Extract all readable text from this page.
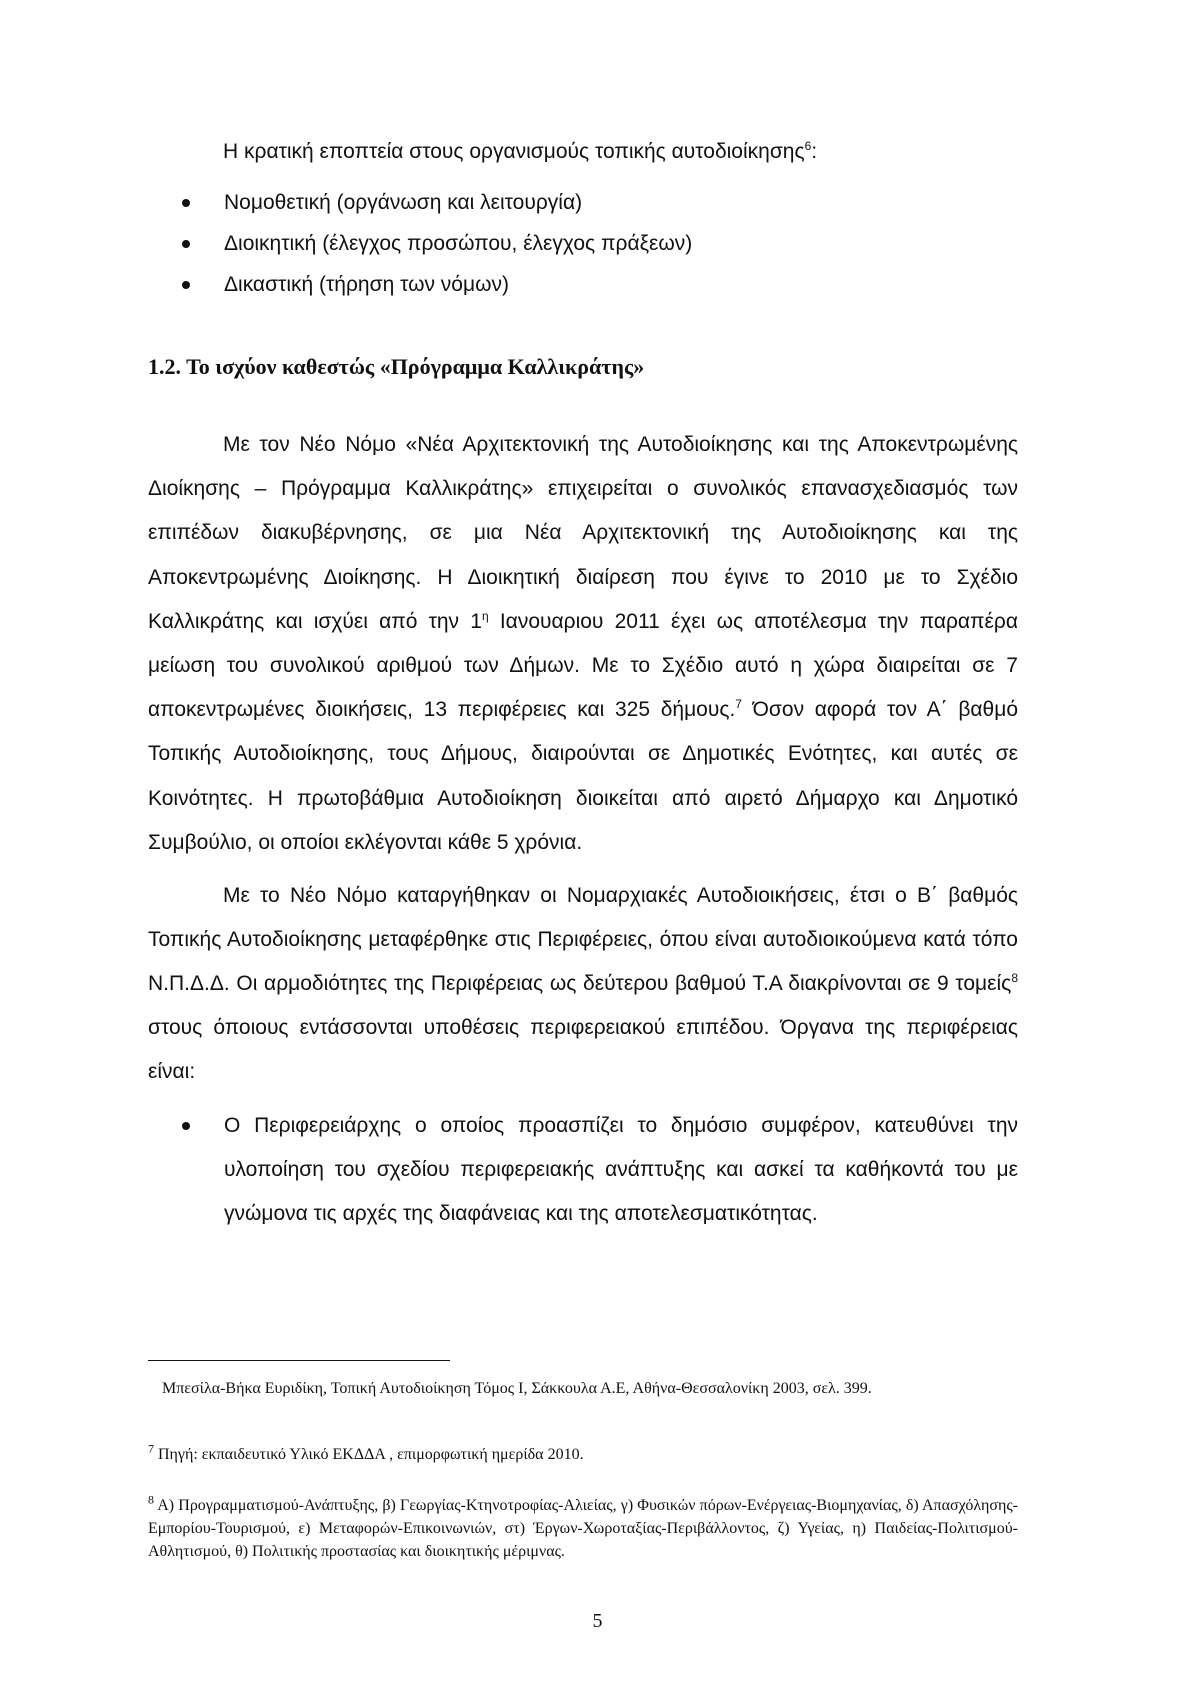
Η κρατική εποπτεία στους οργανισμούς τοπικής αυτοδιοίκησης$^6$:
Νομοθετική (οργάνωση και λειτουργία)
Διοικητική (έλεγχος προσώπου, έλεγχος πράξεων)
Δικαστική (τήρηση των νόμων)
1.2. Το ισχύον καθεστώς «Πρόγραμμα Καλλικράτης»

Με τον Νέο Νόμο «Νέα Αρχιτεκτονική της Αυτοδιοίκησης και της Αποκεντρωμένης Διοίκησης – Πρόγραμμα Καλλικράτης» επιχειρείται ο συνολικός επανασχεδιασμός των επιπέδων διακυβέρνησης, σε μια Νέα Αρχιτεκτονική της Αυτοδιοίκησης και της Αποκεντρωμένης Διοίκησης. Η Διοικητική διαίρεση που έγινε το 2010 με το Σχέδιο Καλλικράτης και ισχύει από την $1^\eta$ Ιανουαριου 2011 έχει ως αποτέλεσμα την παραπέρα μείωση του συνολικού αριθμού των Δήμων. Με το Σχέδιο αυτό η χώρα διαιρείται σε 7 αποκεντρωμένες διοικήσεις, 13 περιφέρειες και 325 δήμους.$^7$ Όσον αφορά τον Α΄ βαθμό Τοπικής Αυτοδιοίκησης, τους Δήμους, διαιρούνται σε Δημοτικές Ενότητες, και αυτές σε Κοινότητες. Η πρωτοβάθμια Αυτοδιοίκηση διοικείται από αιρετό Δήμαρχο και Δημοτικό Συμβούλιο, οι οποίοι εκλέγονται κάθε 5 χρόνια.

Με το Νέο Νόμο καταργήθηκαν οι Νομαρχιακές Αυτοδιοικήσεις, έτσι ο Β΄ βαθμός Τοπικής Αυτοδιοίκησης μεταφέρθηκε στις Περιφέρειες, όπου είναι αυτοδιοικούμενα κατά τόπο Ν.Π.Δ.Δ. Οι αρμοδιότητες της Περιφέρειας ως δεύτερου βαθμού Τ.Α διακρίνονται σε 9 τομείς$^8$ στους όποιους εντάσσονται υποθέσεις περιφερειακού επιπέδου. Όργανα της περιφέρειας είναι:

Ο Περιφερειάρχης ο οποίος προασπίζει το δημόσιο συμφέρον, κατευθύνει την υλοποίηση του σχεδίου περιφερειακής ανάπτυξης και ασκεί τα καθήκοντά του με γνώμονα τις αρχές της διαφάνειας και της αποτελεσματικότητας.

Μπεσίλα-Βήκα Ευριδίκη, Τοπική Αυτοδιοίκηση Τόμος Ι, Σάκκουλα Α.Ε, Αθήνα-Θεσσαλονίκη 2003, σελ. 399.

$^7$ Πηγή: εκπαιδευτικό Υλικό ΕΚΔΔΑ , επιμορφωτική ημερίδα 2010.

$^8$ Α) Προγραμματισμού-Ανάπτυξης, β) Γεωργίας-Κτηνοτροφίας-Αλιείας, γ) Φυσικών πόρων-Ενέργειας-Βιομηχανίας, δ) Απασχόλησης-Εμπορίου-Τουρισμού, ε) Μεταφορών-Επικοινωνιών, στ) Έργων-Χωροταξίας-Περιβάλλοντος, ζ) Υγείας, η) Παιδείας-Πολιτισμού-Αθλητισμού, θ) Πολιτικής προστασίας και διοικητικής μέριμνας.

5
